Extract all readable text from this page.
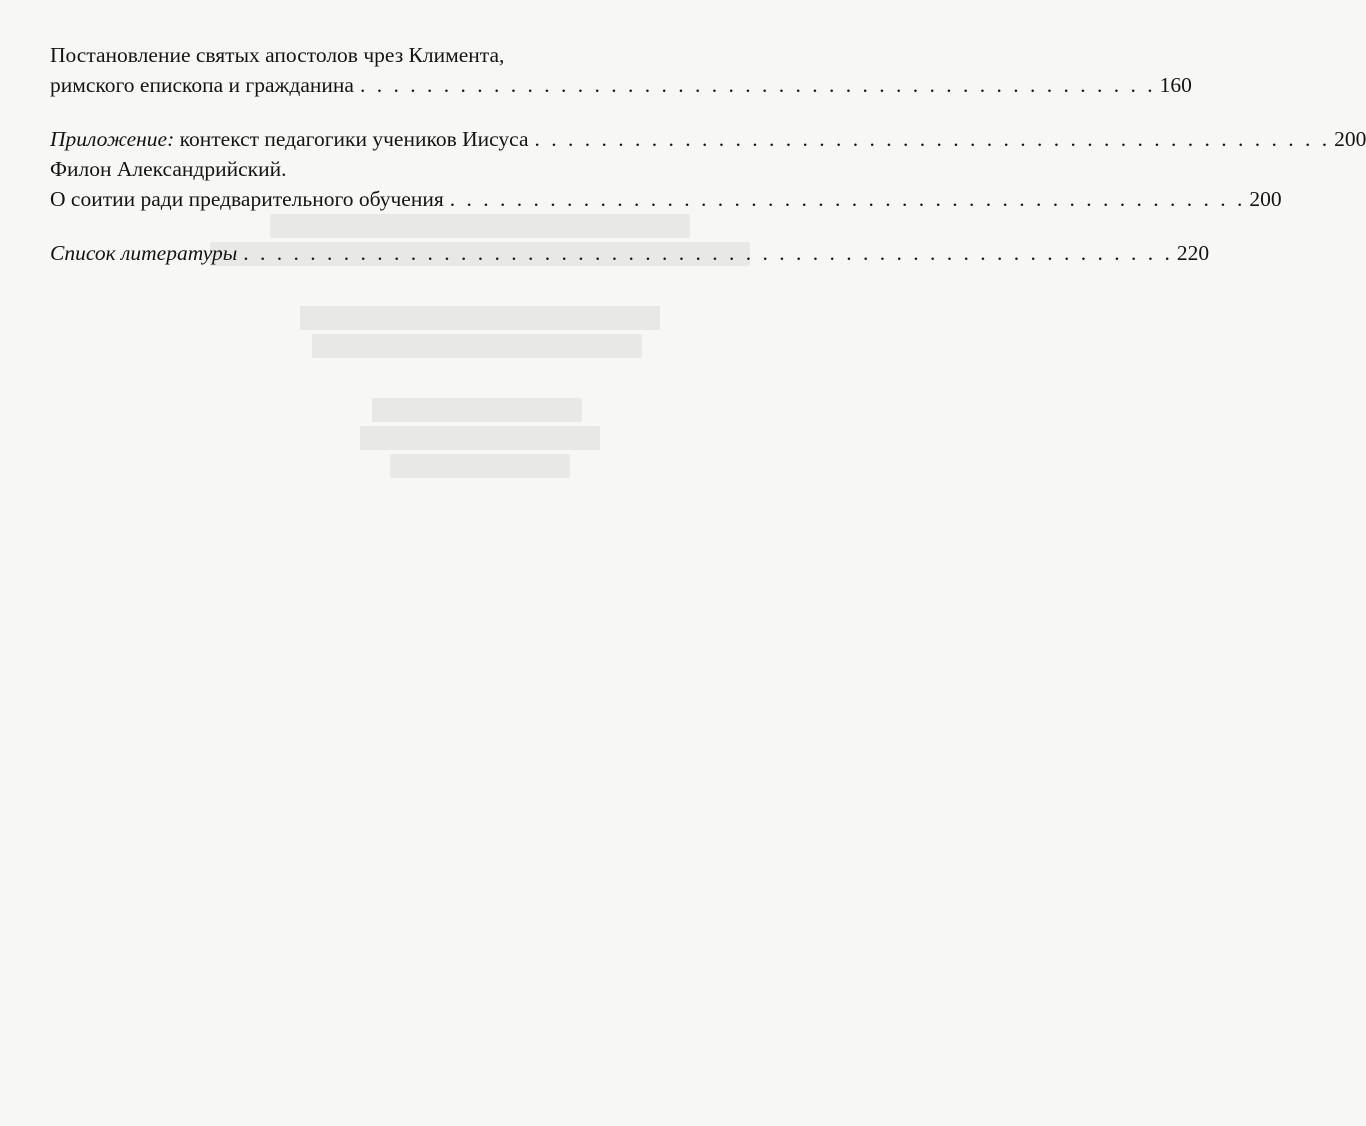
Постановление святых апостолов чрез Климента,
римского епископа и гражданина . . . . . . . . . . . . . . . . . . . . . . . . . . . . . . . . . . . . . . . . . . . . . . . . 160
Приложение: контекст педагогики учеников Иисуса . . . . . . . . . . . . . . . . . . . . . . . . . . . . . . . . . . . . . . . . . . . . . . . . 200
Филон Александрийский.
О соитии ради предварительного обучения . . . . . . . . . . . . . . . . . . . . . . . . . . . . . . . . . . . . . . . . . . . . . . . . 200
Список литературы . . . . . . . . . . . . . . . . . . . . . . . . . . . . . . . . . . . . . . . . . . . . . . . . . . . . . . . . 220
